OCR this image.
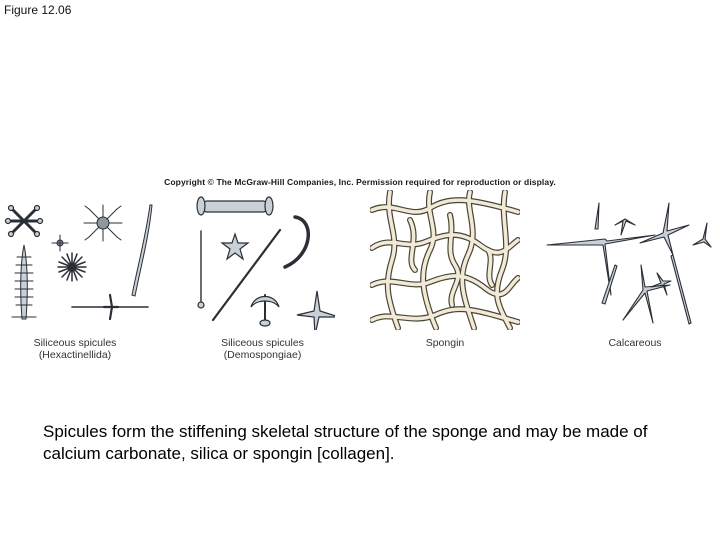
Figure 12.06
Copyright © The McGraw-Hill Companies, Inc. Permission required for reproduction or display.
Siliceous spicules
(Hexactinellida)
Siliceous spicules
(Demospongiae)
Spongin	Calcareous
Spicules form the stiffening skeletal structure of the sponge and may be made of
calcium carbonate, silica or spongin [collagen].
